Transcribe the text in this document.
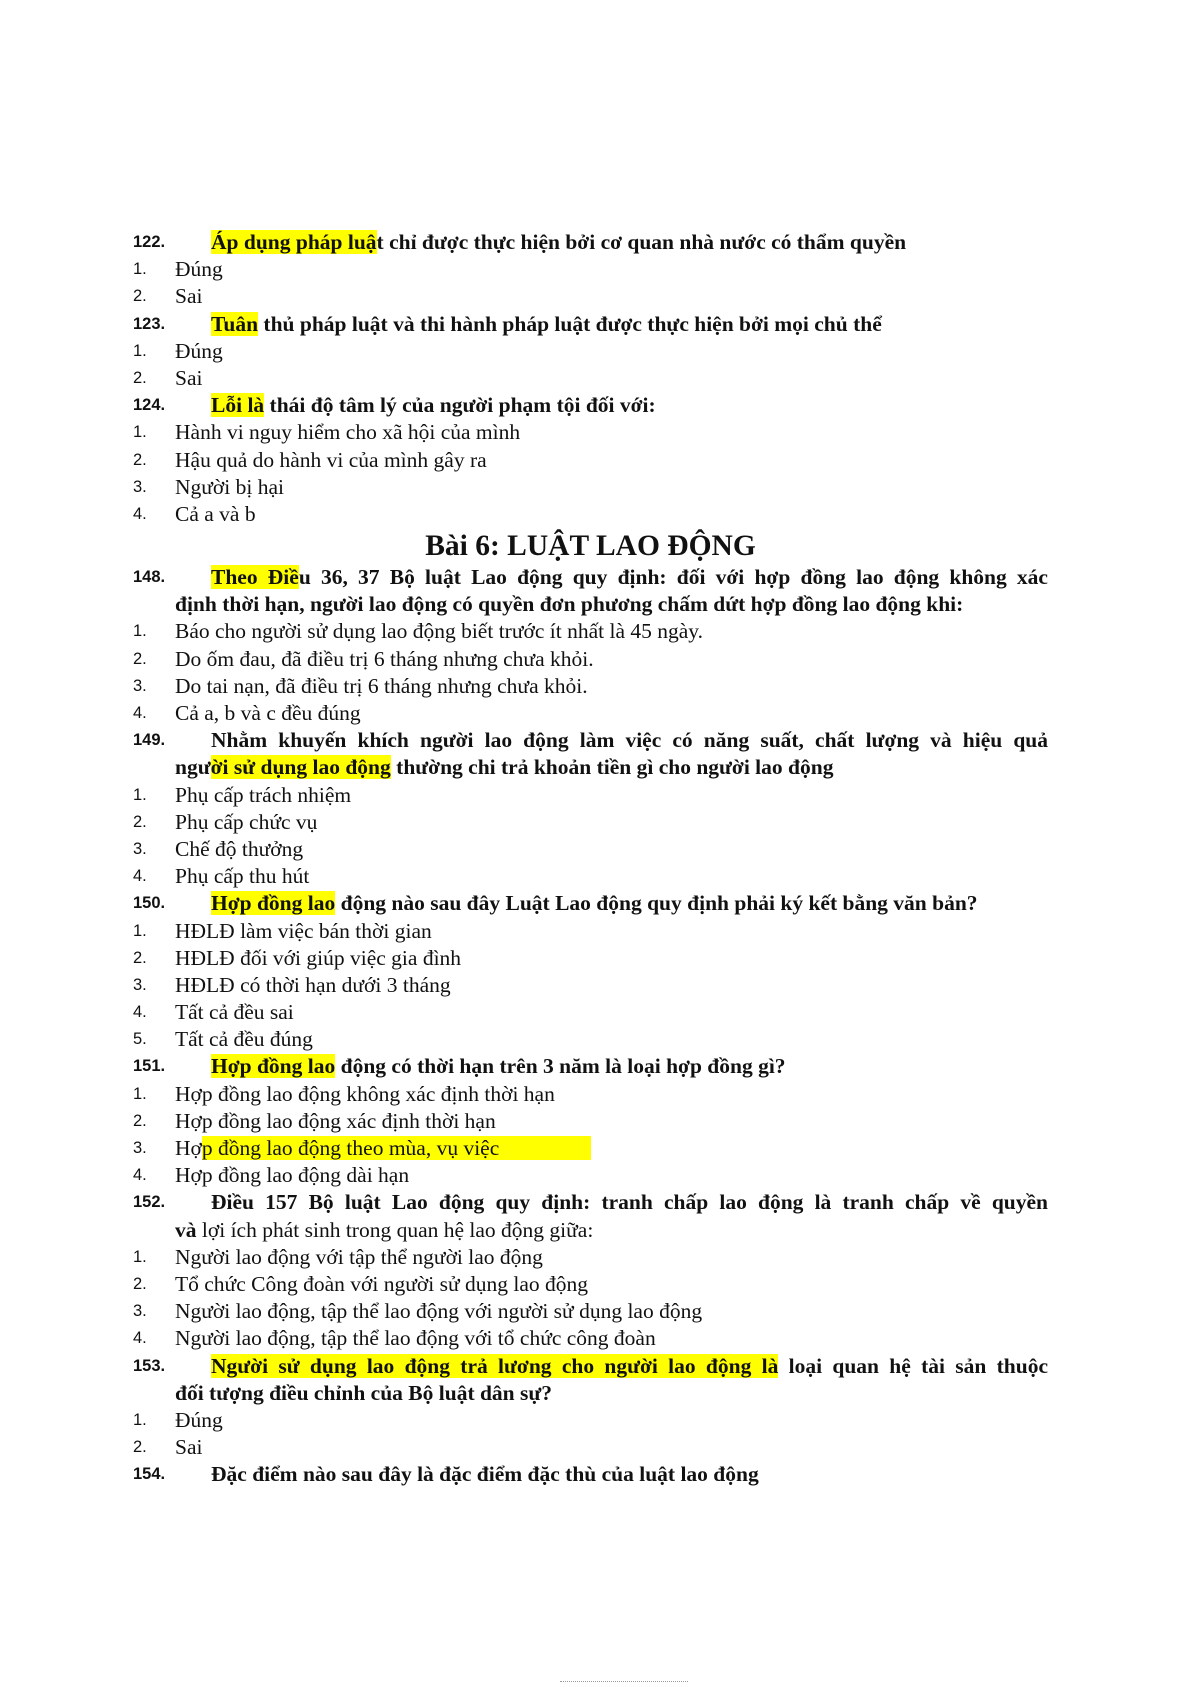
122. Áp dụng pháp luật chỉ được thực hiện bởi cơ quan nhà nước có thẩm quyền
1. Đúng
2. Sai
123. Tuân thủ pháp luật và thi hành pháp luật được thực hiện bởi mọi chủ thể
1. Đúng
2. Sai
124. Lỗi là thái độ tâm lý của người phạm tội đối với:
1. Hành vi nguy hiểm cho xã hội của mình
2. Hậu quả do hành vi của mình gây ra
3. Người bị hại
4. Cả a và b
Bài 6: LUẬT LAO ĐỘNG
148. Theo Điều 36, 37 Bộ luật Lao động quy định: đối với hợp đồng lao động không xác
định thời hạn, người lao động có quyền đơn phương chấm dứt hợp đồng lao động khi:
1. Báo cho người sử dụng lao động biết trước ít nhất là 45 ngày.
2. Do ốm đau, đã điều trị 6 tháng nhưng chưa khỏi.
3. Do tai nạn, đã điều trị 6 tháng nhưng chưa khỏi.
4. Cả a, b và c đều đúng
149. Nhằm khuyến khích người lao động làm việc có năng suất, chất lượng và hiệu quả
người sử dụng lao động thường chi trả khoản tiền gì cho người lao động
1. Phụ cấp trách nhiệm
2. Phụ cấp chức vụ
3. Chế độ thưởng
4. Phụ cấp thu hút
150. Hợp đồng lao động nào sau đây Luật Lao động quy định phải ký kết bằng văn bản?
1. HĐLĐ làm việc bán thời gian
2. HĐLĐ đối với giúp việc gia đình
3. HĐLĐ có thời hạn dưới 3 tháng
4. Tất cả đều sai
5. Tất cả đều đúng
151. Hợp đồng lao động có thời hạn trên 3 năm là loại hợp đồng gì?
1. Hợp đồng lao động không xác định thời hạn
2. Hợp đồng lao động xác định thời hạn
3. Hợp đồng lao động theo mùa, vụ việc
4. Hợp đồng lao động dài hạn
152. Điều 157 Bộ luật Lao động quy định: tranh chấp lao động là tranh chấp về quyền
và lợi ích phát sinh trong quan hệ lao động giữa:
1. Người lao động với tập thể người lao động
2. Tổ chức Công đoàn với người sử dụng lao động
3. Người lao động, tập thể lao động với người sử dụng lao động
4. Người lao động, tập thể lao động với tổ chức công đoàn
153. Người sử dụng lao động trả lương cho người lao động là loại quan hệ tài sản thuộc
đối tượng điều chỉnh của Bộ luật dân sự?
1. Đúng
2. Sai
154. Đặc điểm nào sau đây là đặc điểm đặc thù của luật lao động
